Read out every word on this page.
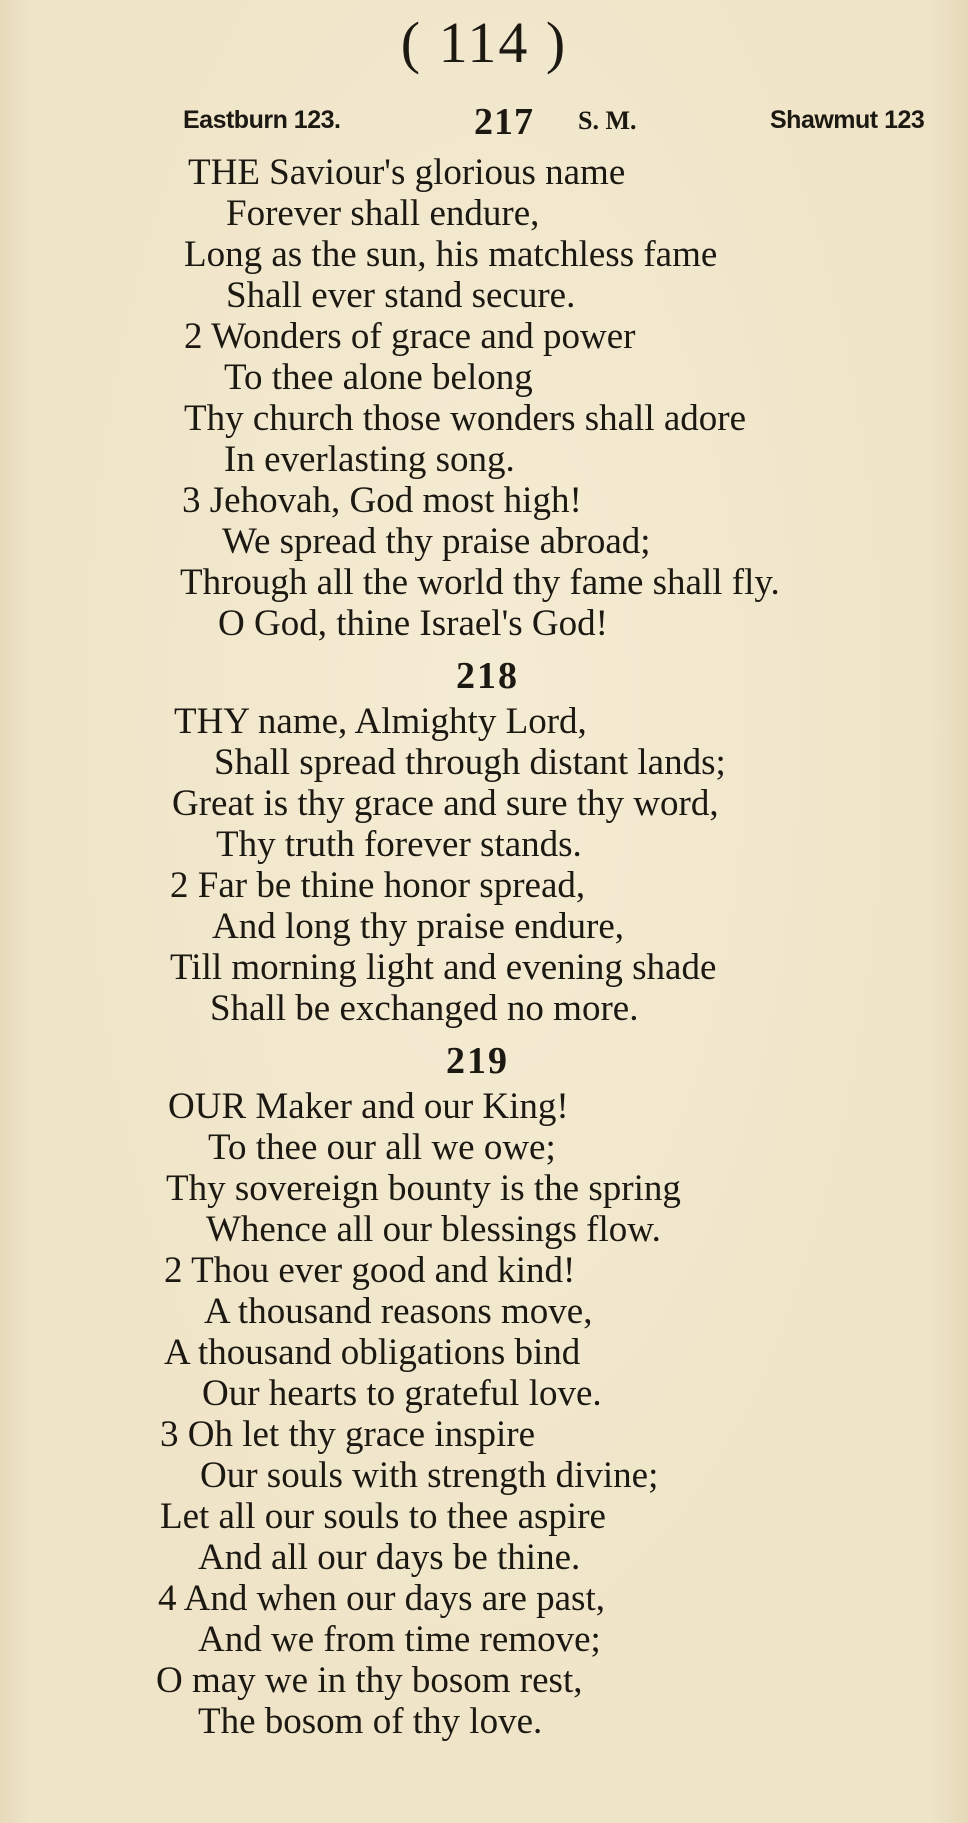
( 114 )
Eastburn 123.	217 S. M.	Shawmut 123
THE Saviour's glorious name
Forever shall endure,
Long as the sun, his matchless fame
Shall ever stand secure.
2 Wonders of grace and power
To thee alone belong
Thy church those wonders shall adore
In everlasting song.
3 Jehovah, God most high!
We spread thy praise abroad;
Through all the world thy fame shall fly.
O God, thine Israel's God!
218
THY name, Almighty Lord,
Shall spread through distant lands;
Great is thy grace and sure thy word,
Thy truth forever stands.
2 Far be thine honor spread,
And long thy praise endure,
Till morning light and evening shade
Shall be exchanged no more.
219
OUR Maker and our King!
To thee our all we owe;
Thy sovereign bounty is the spring
Whence all our blessings flow.
2 Thou ever good and kind!
A thousand reasons move,
A thousand obligations bind
Our hearts to grateful love.
3 Oh let thy grace inspire
Our souls with strength divine;
Let all our souls to thee aspire
And all our days be thine.
4 And when our days are past,
And we from time remove;
O may we in thy bosom rest,
The bosom of thy love.
